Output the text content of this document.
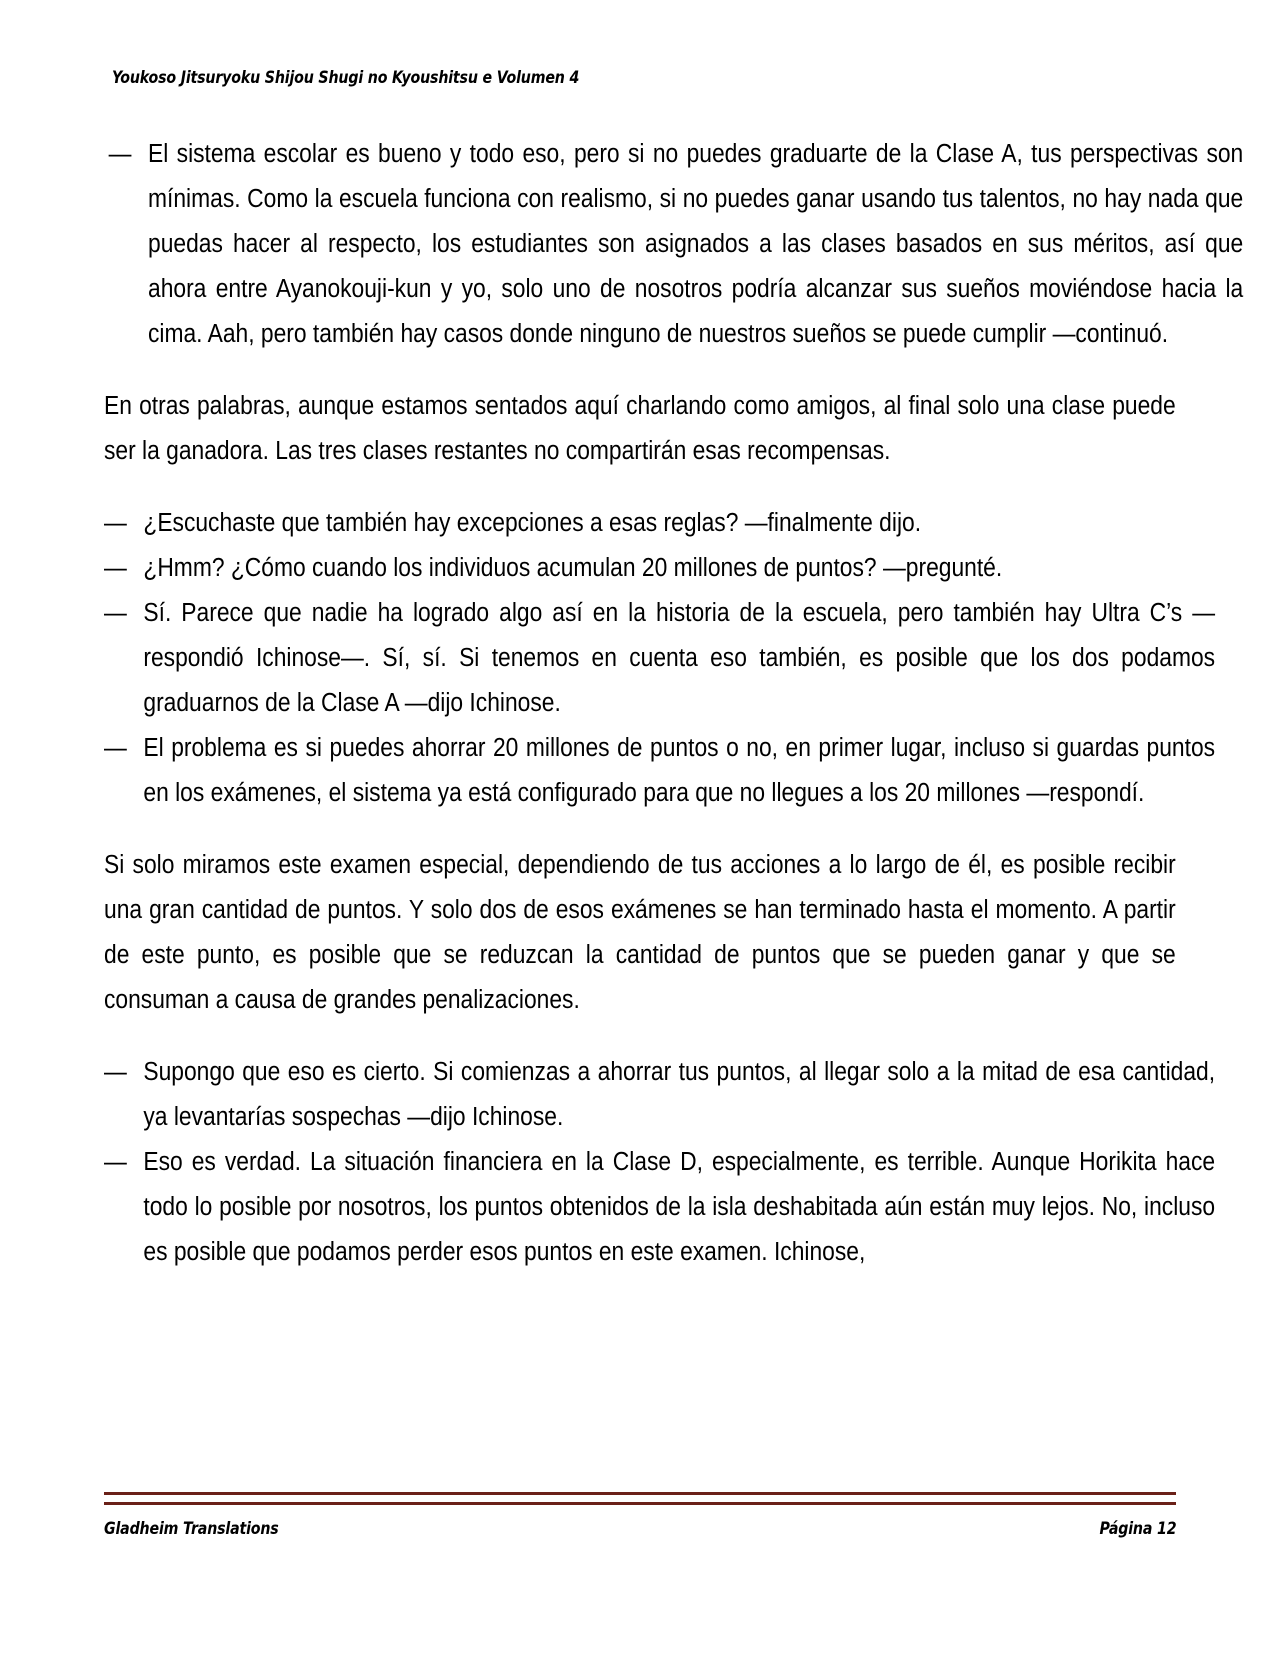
Youkoso Jitsuryoku Shijou Shugi no Kyoushitsu e Volumen 4
— El sistema escolar es bueno y todo eso, pero si no puedes graduarte de la Clase A, tus perspectivas son mínimas. Como la escuela funciona con realismo, si no puedes ganar usando tus talentos, no hay nada que puedas hacer al respecto, los estudiantes son asignados a las clases basados en sus méritos, así que ahora entre Ayanokouji-kun y yo, solo uno de nosotros podría alcanzar sus sueños moviéndose hacia la cima. Aah, pero también hay casos donde ninguno de nuestros sueños se puede cumplir —continuó.

En otras palabras, aunque estamos sentados aquí charlando como amigos, al final solo una clase puede ser la ganadora. Las tres clases restantes no compartirán esas recompensas.

— ¿Escuchaste que también hay excepciones a esas reglas? —finalmente dijo.
— ¿Hmm? ¿Cómo cuando los individuos acumulan 20 millones de puntos? —pregunté.
— Sí. Parece que nadie ha logrado algo así en la historia de la escuela, pero también hay Ultra C’s —respondió Ichinose—. Sí, sí. Si tenemos en cuenta eso también, es posible que los dos podamos graduarnos de la Clase A —dijo Ichinose.
— El problema es si puedes ahorrar 20 millones de puntos o no, en primer lugar, incluso si guardas puntos en los exámenes, el sistema ya está configurado para que no llegues a los 20 millones —respondí.

Si solo miramos este examen especial, dependiendo de tus acciones a lo largo de él, es posible recibir una gran cantidad de puntos. Y solo dos de esos exámenes se han terminado hasta el momento. A partir de este punto, es posible que se reduzcan la cantidad de puntos que se pueden ganar y que se consuman a causa de grandes penalizaciones.

— Supongo que eso es cierto. Si comienzas a ahorrar tus puntos, al llegar solo a la mitad de esa cantidad, ya levantarías sospechas —dijo Ichinose.
— Eso es verdad. La situación financiera en la Clase D, especialmente, es terrible. Aunque Horikita hace todo lo posible por nosotros, los puntos obtenidos de la isla deshabitada aún están muy lejos. No, incluso es posible que podamos perder esos puntos en este examen. Ichinose,
Gladheim Translations	Página 12
